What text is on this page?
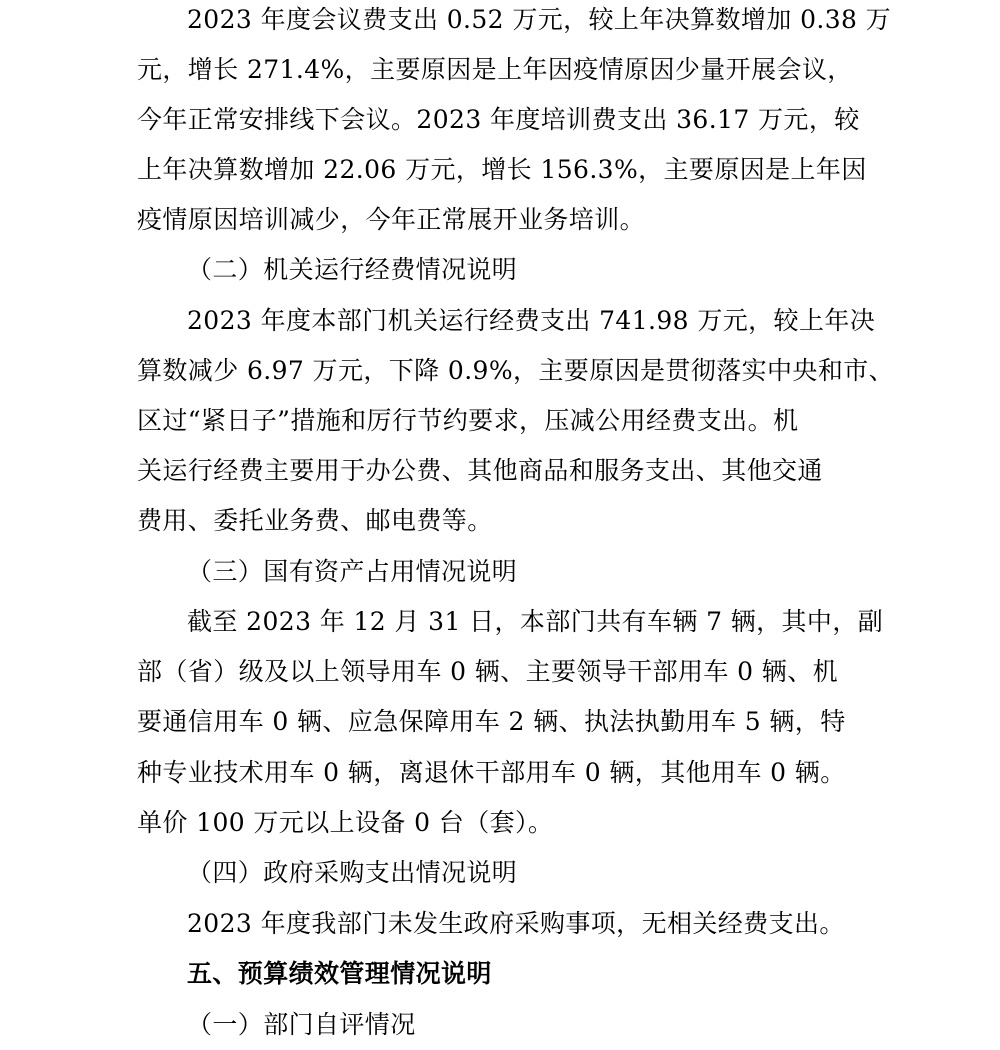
2023 年度会议费支出 0.52 万元，较上年决算数增加 0.38 万
元，增长 271.4%，主要原因是上年因疫情原因少量开展会议，
今年正常安排线下会议。2023 年度培训费支出 36.17 万元，较
上年决算数增加 22.06 万元，增长 156.3%，主要原因是上年因
疫情原因培训减少，今年正常展开业务培训。
（二）机关运行经费情况说明
2023 年度本部门机关运行经费支出 741.98 万元，较上年决
算数减少 6.97 万元，下降 0.9%，主要原因是贯彻落实中央和市、
区过“紧日子”措施和厉行节约要求，压减公用经费支出。机
关运行经费主要用于办公费、其他商品和服务支出、其他交通
费用、委托业务费、邮电费等。
（三）国有资产占用情况说明
截至 2023 年 12 月 31 日，本部门共有车辆 7 辆，其中，副
部（省）级及以上领导用车 0 辆、主要领导干部用车 0 辆、机
要通信用车 0 辆、应急保障用车 2 辆、执法执勤用车 5 辆，特
种专业技术用车 0 辆，离退休干部用车 0 辆，其他用车 0 辆。
单价 100 万元以上设备 0 台（套）。
（四）政府采购支出情况说明
2023 年度我部门未发生政府采购事项，无相关经费支出。
五、预算绩效管理情况说明
（一）部门自评情况
